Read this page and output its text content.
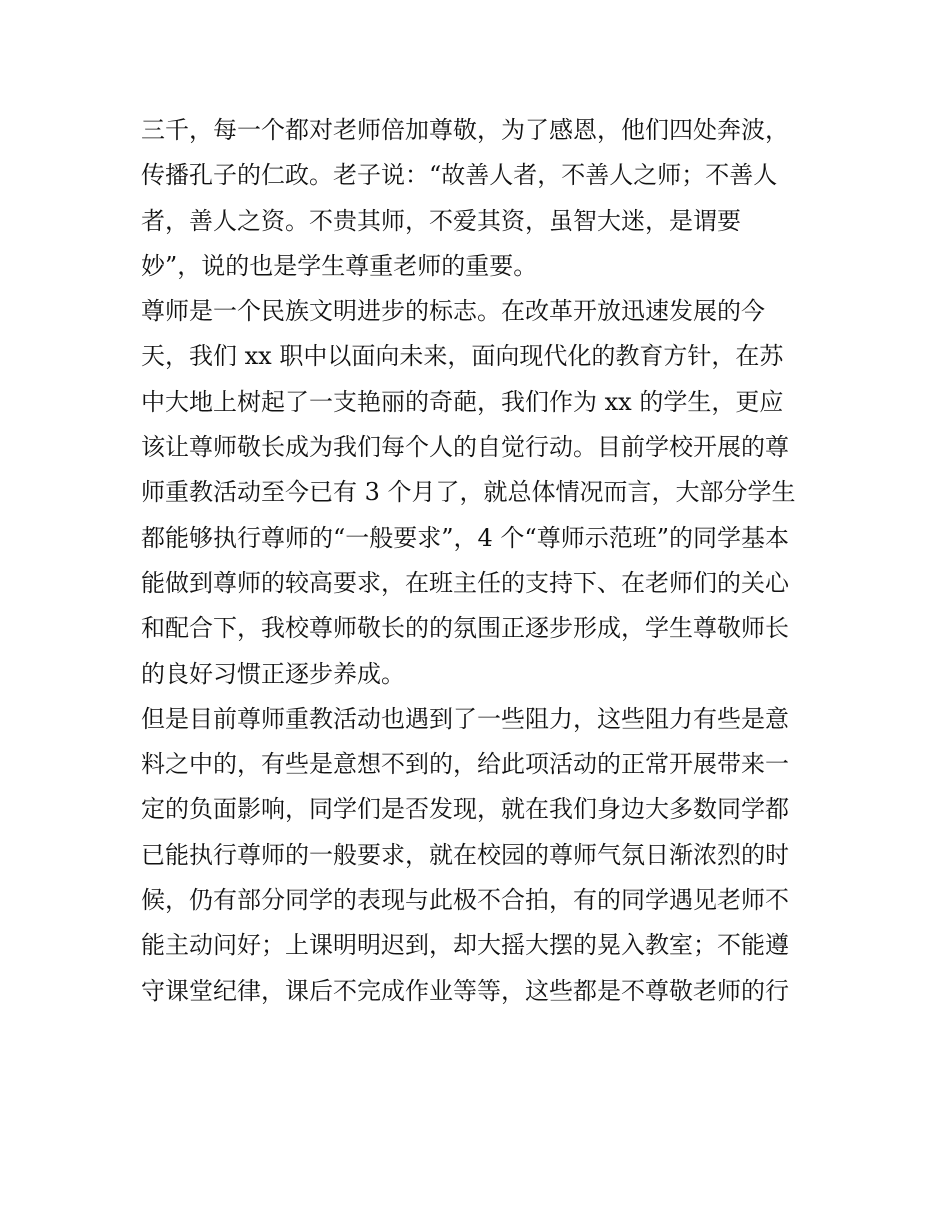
三千，每一个都对老师倍加尊敬，为了感恩，他们四处奔波，
传播孔子的仁政。老子说：“故善人者，不善人之师；不善人
者，善人之资。不贵其师，不爱其资，虽智大迷，是谓要
妙”，说的也是学生尊重老师的重要。
尊师是一个民族文明进步的标志。在改革开放迅速发展的今
天，我们 xx 职中以面向未来，面向现代化的教育方针，在苏
中大地上树起了一支艳丽的奇葩，我们作为 xx 的学生，更应
该让尊师敬长成为我们每个人的自觉行动。目前学校开展的尊
师重教活动至今已有 3 个月了，就总体情况而言，大部分学生
都能够执行尊师的“一般要求”，4 个“尊师示范班”的同学基本
能做到尊师的较高要求，在班主任的支持下、在老师们的关心
和配合下，我校尊师敬长的的氛围正逐步形成，学生尊敬师长
的良好习惯正逐步养成。
但是目前尊师重教活动也遇到了一些阻力，这些阻力有些是意
料之中的，有些是意想不到的，给此项活动的正常开展带来一
定的负面影响，同学们是否发现，就在我们身边大多数同学都
已能执行尊师的一般要求，就在校园的尊师气氛日渐浓烈的时
候，仍有部分同学的表现与此极不合拍，有的同学遇见老师不
能主动问好；上课明明迟到，却大摇大摆的晃入教室；不能遵
守课堂纪律，课后不完成作业等等，这些都是不尊敬老师的行
